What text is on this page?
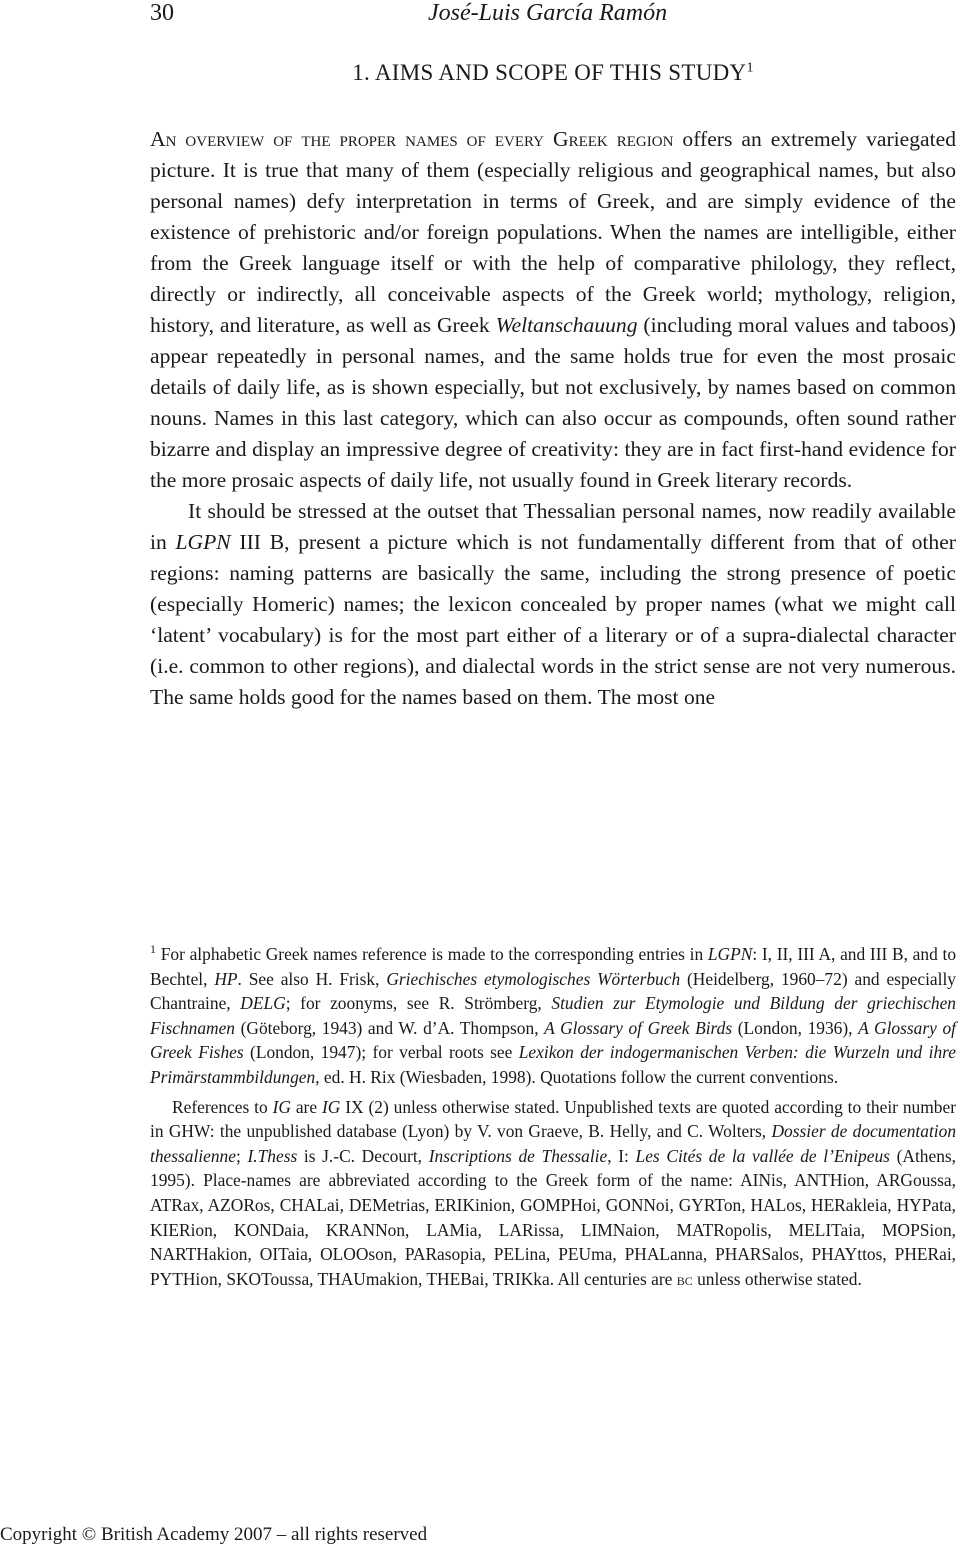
30	José-Luis García Ramón
1. AIMS AND SCOPE OF THIS STUDY$^1$

An overview of the proper names of every Greek region offers an extremely variegated picture. It is true that many of them (especially religious and geographical names, but also personal names) defy interpretation in terms of Greek, and are simply evidence of the existence of prehistoric and/or foreign populations. When the names are intelligible, either from the Greek language itself or with the help of comparative philology, they reflect, directly or indirectly, all conceivable aspects of the Greek world; mythology, religion, history, and literature, as well as Greek Weltanschauung (including moral values and taboos) appear repeatedly in personal names, and the same holds true for even the most prosaic details of daily life, as is shown especially, but not exclusively, by names based on common nouns. Names in this last category, which can also occur as compounds, often sound rather bizarre and display an impressive degree of creativity: they are in fact first-hand evidence for the more prosaic aspects of daily life, not usually found in Greek literary records.

It should be stressed at the outset that Thessalian personal names, now readily available in LGPN III B, present a picture which is not fundamentally different from that of other regions: naming patterns are basically the same, including the strong presence of poetic (especially Homeric) names; the lexicon concealed by proper names (what we might call ‘latent’ vocabulary) is for the most part either of a literary or of a supra-dialectal character (i.e. common to other regions), and dialectal words in the strict sense are not very numerous. The same holds good for the names based on them. The most one

$^1$ For alphabetic Greek names reference is made to the corresponding entries in LGPN: I, II, III A, and III B, and to Bechtel, HP. See also H. Frisk, Griechisches etymologisches Wörterbuch (Heidelberg, 1960–72) and especially Chantraine, DELG; for zoonyms, see R. Strömberg, Studien zur Etymologie und Bildung der griechischen Fischnamen (Göteborg, 1943) and W. d’A. Thompson, A Glossary of Greek Birds (London, 1936), A Glossary of Greek Fishes (London, 1947); for verbal roots see Lexikon der indogermanischen Verben: die Wurzeln und ihre Primärstammbildungen, ed. H. Rix (Wiesbaden, 1998). Quotations follow the current conventions.

References to IG are IG IX (2) unless otherwise stated. Unpublished texts are quoted according to their number in GHW: the unpublished database (Lyon) by V. von Graeve, B. Helly, and C. Wolters, Dossier de documentation thessalienne; I.Thess is J.-C. Decourt, Inscriptions de Thessalie, I: Les Cités de la vallée de l’Enipeus (Athens, 1995). Place-names are abbreviated according to the Greek form of the name: AINis, ANTHion, ARGoussa, ATRax, AZORos, CHALai, DEMetrias, ERIKinion, GOMPHoi, GONNoi, GYRTon, HALos, HERakleia, HYPata, KIERion, KONDaia, KRANNon, LAMia, LARissa, LIMNaion, MATRopolis, MELITaia, MOPSion, NARTHakion, OITaia, OLOOson, PARasopia, PELina, PEUma, PHALanna, PHARSalos, PHAYttos, PHERai, PYTHion, SKOToussa, THAUmakion, THEBai, TRIKka. All centuries are bc unless otherwise stated.

Copyright © British Academy 2007 – all rights reserved
